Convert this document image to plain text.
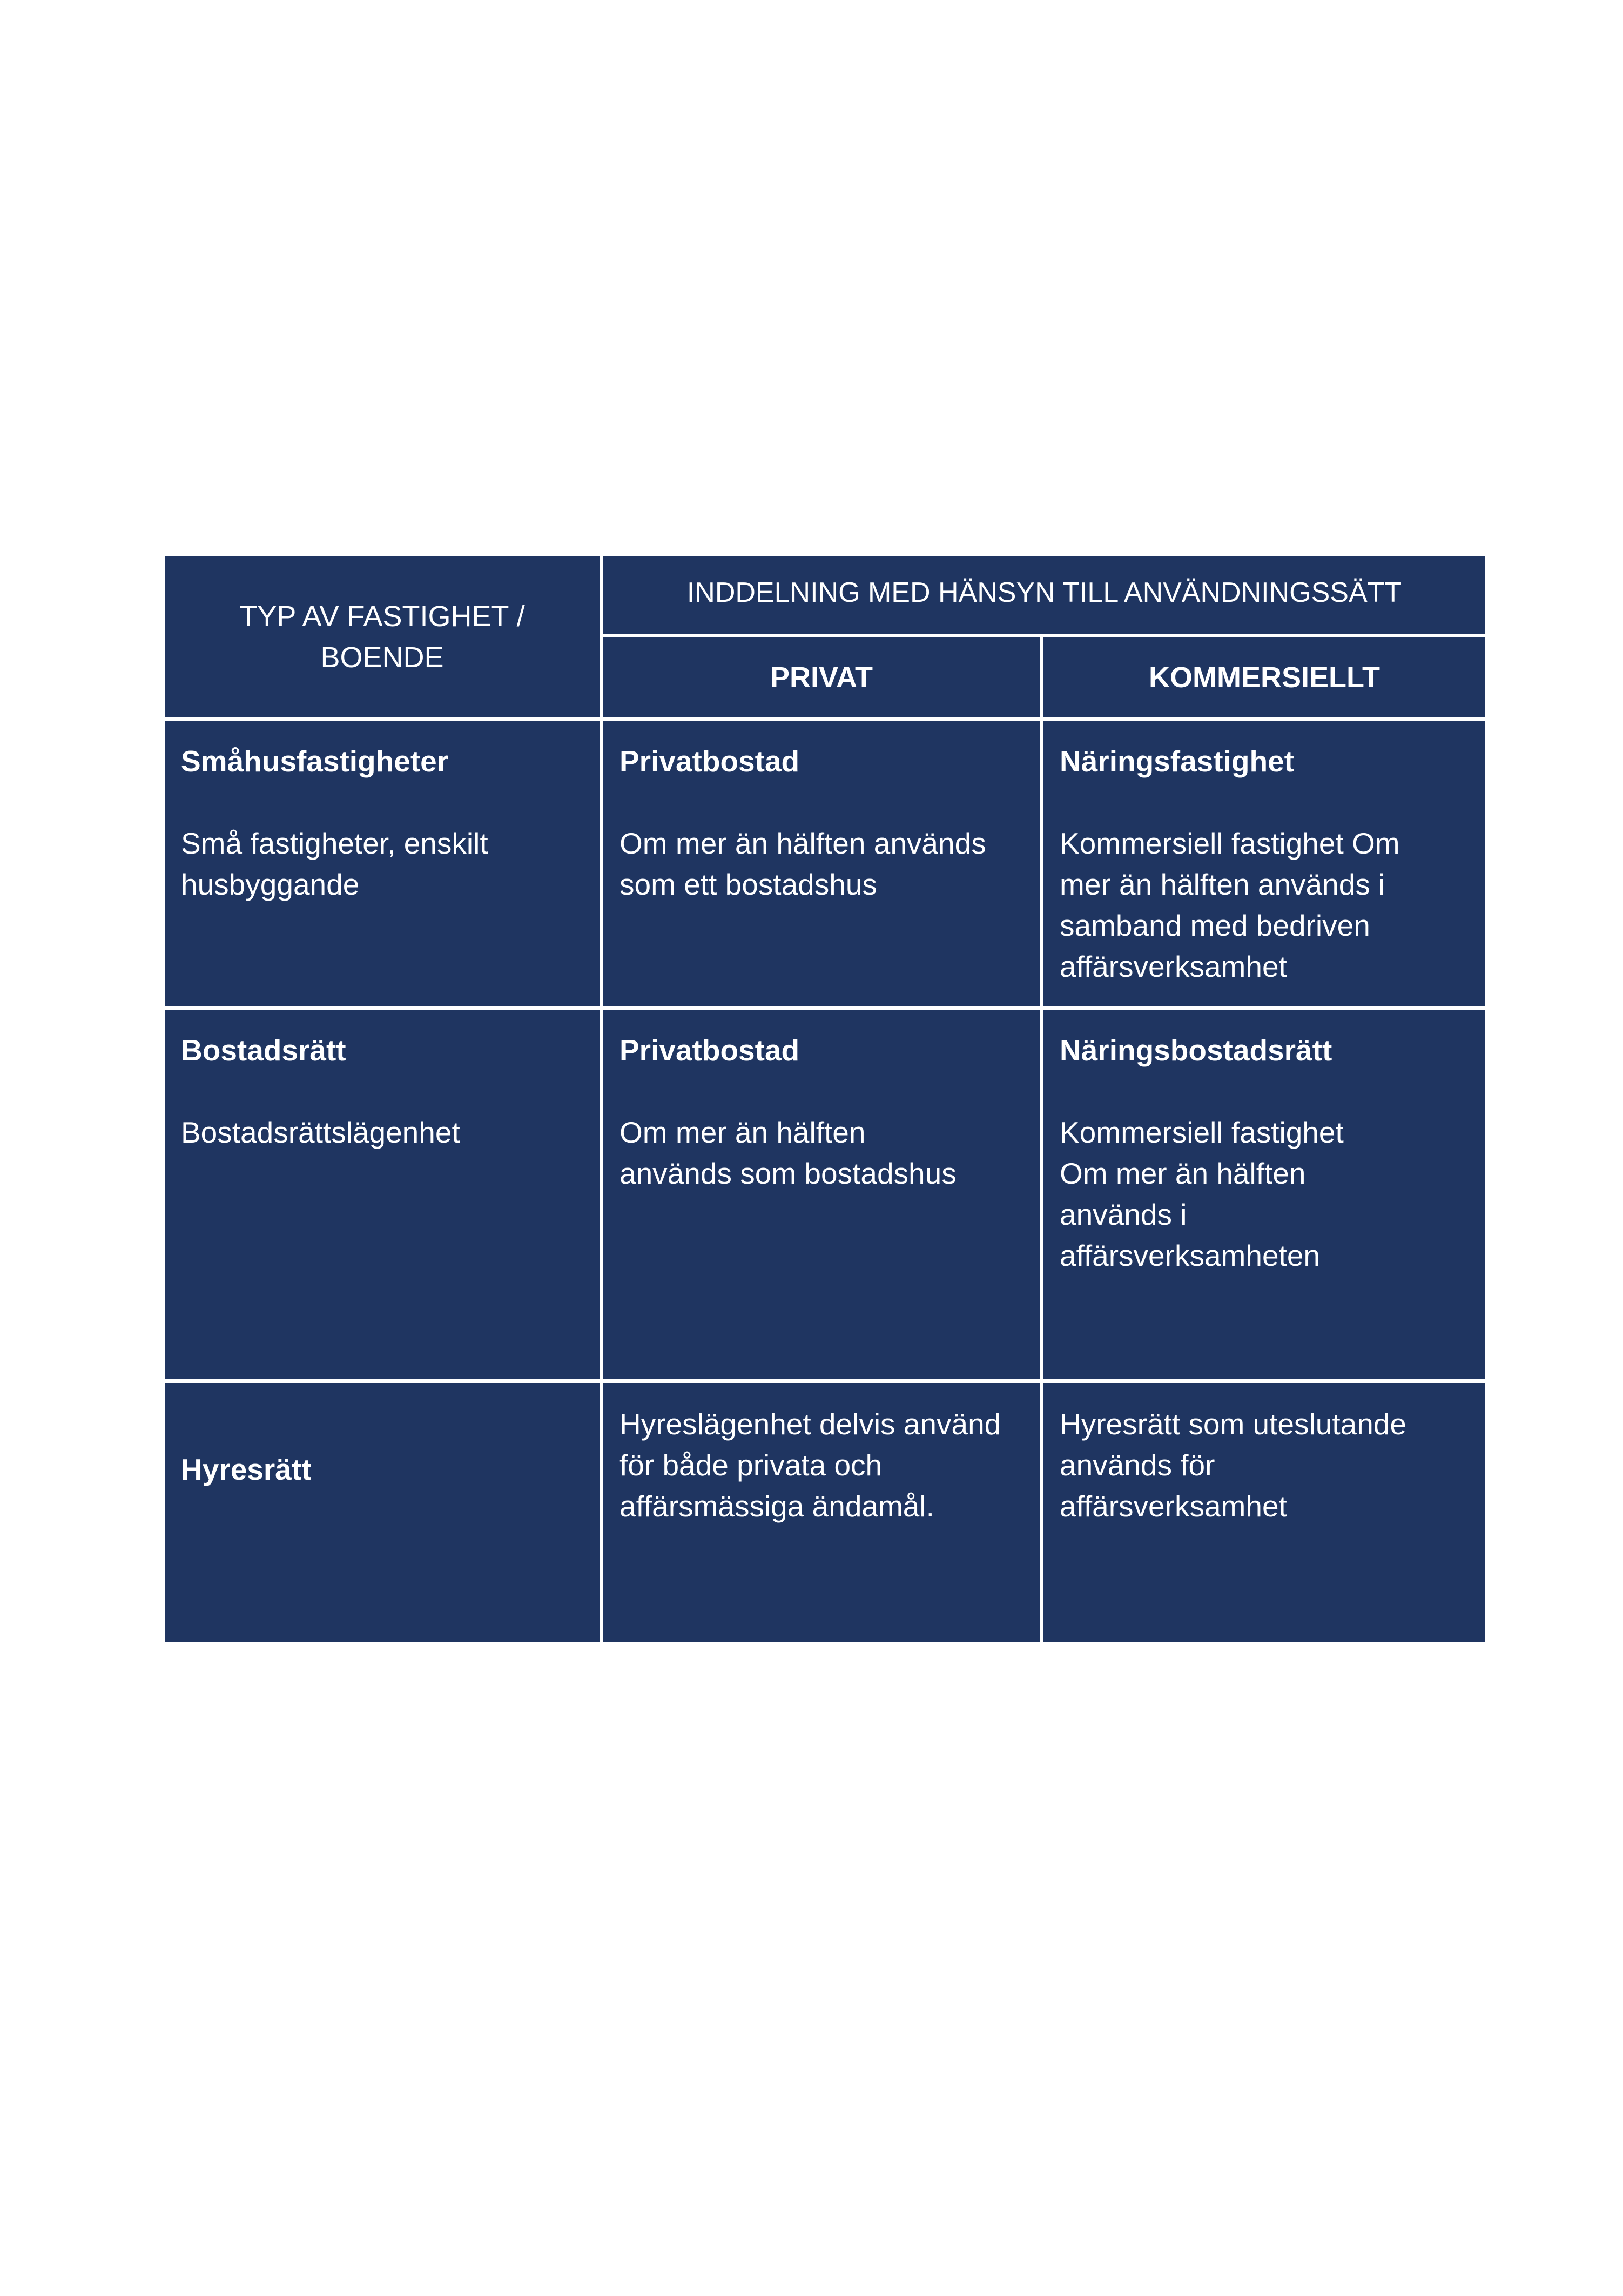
TYP AV FASTIGHET /
BOENDE
INDDELNING MED HÄNSYN TILL ANVÄNDNINGSSÄTT
PRIVAT	KOMMERSIELLT
Småhusfastigheter
Små fastigheter, enskilt
husbyggande
Privatbostad
Om mer än hälften används
som ett bostadshus
Näringsfastighet
Kommersiell fastighet Om
mer än hälften används i
samband med bedriven
affärsverksamhet
Bostadsrätt
Bostadsrättslägenhet
Privatbostad
Om mer än hälften
används som bostadshus
Näringsbostadsrätt
Kommersiell fastighet
Om mer än hälften
används i
affärsverksamheten
Hyresrätt
Hyreslägenhet delvis använd
för både privata och
affärsmässiga ändamål.
Hyresrätt som uteslutande
används för
affärsverksamhet
